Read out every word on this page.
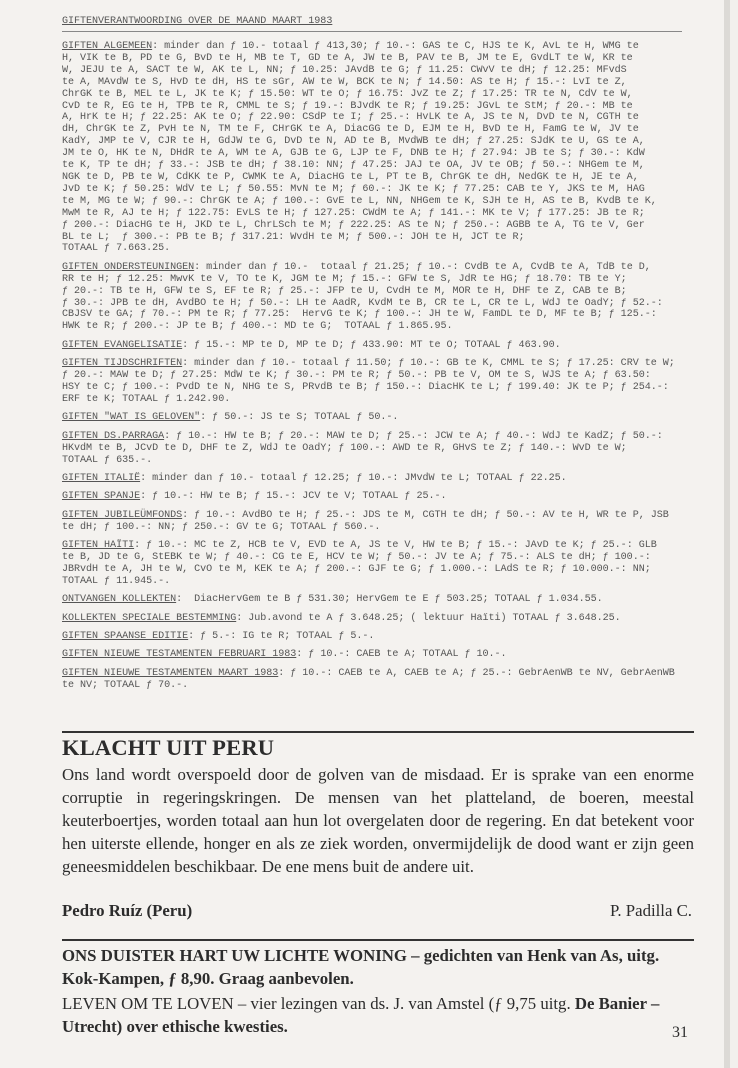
GIFTENVERANTWOORDING OVER DE MAAND MAART 1983
GIFTEN ALGEMEEN: minder dan ƒ 10.- totaal ƒ 413,30; ƒ 10.-: GAS te C, HJS te K, AvL te H, WMG te
H, VIK te B, PD te G, BvD te H, MB te T, GD te A, JW te B, PAV te B, JM te E, GvdLT te W, KR te
W, JEJU te A, SACT te W, AK te L, NN; ƒ 10.25: JAvdB te G; ƒ 11.25: CWvV te dH; ƒ 12.25: MFvdS
te A, MAvdW te S, HvD te dH, HS te sGr, AW te W, BCK te N; ƒ 14.50: AS te H; ƒ 15.-: LvI te Z,
ChrGK te B, MEL te L, JK te K; ƒ 15.50: WT te O; ƒ 16.75: JvZ te Z; ƒ 17.25: TR te N, CdV te W,
CvD te R, EG te H, TPB te R, CMML te S; ƒ 19.-: BJvdK te R; ƒ 19.25: JGvL te StM; ƒ 20.-: MB te
A, HrK te H; ƒ 22.25: AK te O; ƒ 22.90: CSdP te I; ƒ 25.-: HvLK te A, JS te N, DvD te N, CGTH te
dH, ChrGK te Z, PvH te N, TM te F, CHrGK te A, DiacGG te D, EJM te H, BvD te H, FamG te W, JV te
KadY, JMP te V, CJR te H, GdJW te G, DvD te N, AD te B, MvdWB te dH; ƒ 27.25: SJdK te U, GS te A,
JM te O, HK te N, DHdR te A, WM te A, GJB te G, LJP te F, DNB te H; ƒ 27.94: JB te S; ƒ 30.-: KdW
te K, TP te dH; ƒ 33.-: JSB te dH; ƒ 38.10: NN; ƒ 47.25: JAJ te OA, JV te OB; ƒ 50.-: NHGem te M,
NGK te D, PB te W, CdKK te P, CWMK te A, DiacHG te L, PT te B, ChrGK te dH, NedGK te H, JE te A,
JvD te K; ƒ 50.25: WdV te L; ƒ 50.55: MvN te M; ƒ 60.-: JK te K; ƒ 77.25: CAB te Y, JKS te M, HAG
te M, MG te W; ƒ 90.-: ChrGK te A; ƒ 100.-: GvE te L, NN, NHGem te K, SJH te H, AS te B, KvdB te K,
MwM te R, AJ te H; ƒ 122.75: EvLS te H; ƒ 127.25: CWdM te A; ƒ 141.-: MK te V; ƒ 177.25: JB te R;
ƒ 200.-: DiacHG te H, JKD te L, ChrLSch te M; ƒ 222.25: AS te N; ƒ 250.-: AGBB te A, TG te V, Ger
BL te L;  ƒ 300.-: PB te B; ƒ 317.21: WvdH te M; ƒ 500.-: JOH te H, JCT te R;
TOTAAL ƒ 7.663.25.
GIFTEN ONDERSTEUNINGEN: minder dan ƒ 10.-  totaal ƒ 21.25; ƒ 10.-: CvdB te A, CvdB te A, TdB te D,
RR te H; ƒ 12.25: MwvK te V, TO te K, JGM te M; ƒ 15.-: GFW te S, JdR te HG; ƒ 18.70: TB te Y;
ƒ 20.-: TB te H, GFW te S, EF te R; ƒ 25.-: JFP te U, CvdH te M, MOR te H, DHF te Z, CAB te B;
ƒ 30.-: JPB te dH, AvdBO te H; ƒ 50.-: LH te AadR, KvdM te B, CR te L, CR te L, WdJ te OadY; ƒ 52.-:
CBJSV te GA; ƒ 70.-: PM te R; ƒ 77.25:  HervG te K; ƒ 100.-: JH te W, FamDL te D, MF te B; ƒ 125.-:
HWK te R; ƒ 200.-: JP te B; ƒ 400.-: MD te G;  TOTAAL ƒ 1.865.95.
GIFTEN EVANGELISATIE: ƒ 15.-: MP te D, MP te D; ƒ 433.90: MT te O; TOTAAL ƒ 463.90.
GIFTEN TIJDSCHRIFTEN: minder dan ƒ 10.- totaal ƒ 11.50; ƒ 10.-: GB te K, CMML te S; ƒ 17.25: CRV te W;
ƒ 20.-: MAW te D; ƒ 27.25: MdW te K; ƒ 30.-: PM te R; ƒ 50.-: PB te V, OM te S, WJS te A; ƒ 63.50:
HSY te C; ƒ 100.-: PvdD te N, NHG te S, PRvdB te B; ƒ 150.-: DiacHK te L; ƒ 199.40: JK te P; ƒ 254.-:
ERF te K; TOTAAL ƒ 1.242.90.
GIFTEN "WAT IS GELOVEN": ƒ 50.-: JS te S; TOTAAL ƒ 50.-.
GIFTEN DS.PARRAGA: ƒ 10.-: HW te B; ƒ 20.-: MAW te D; ƒ 25.-: JCW te A; ƒ 40.-: WdJ te KadZ; ƒ 50.-:
HKvdM te B, JCvD te D, DHF te Z, WdJ te OadY; ƒ 100.-: AWD te R, GHvS te Z; ƒ 140.-: WvD te W;
TOTAAL ƒ 635.-.
GIFTEN ITALIË: minder dan ƒ 10.- totaal ƒ 12.25; ƒ 10.-: JMvdW te L; TOTAAL ƒ 22.25.
GIFTEN SPANJE: ƒ 10.-: HW te B; ƒ 15.-: JCV te V; TOTAAL ƒ 25.-.
GIFTEN JUBILEÜMFONDS: ƒ 10.-: AvdBO te H; ƒ 25.-: JDS te M, CGTH te dH; ƒ 50.-: AV te H, WR te P, JSB
te dH; ƒ 100.-: NN; ƒ 250.-: GV te G; TOTAAL ƒ 560.-.
GIFTEN HAÏTI: ƒ 10.-: MC te Z, HCB te V, EVD te A, JS te V, HW te B; ƒ 15.-: JAvD te K; ƒ 25.-: GLB
te B, JD te G, StEBK te W; ƒ 40.-: CG te E, HCV te W; ƒ 50.-: JV te A; ƒ 75.-: ALS te dH; ƒ 100.-:
JBRvdH te A, JH te W, CvO te M, KEK te A; ƒ 200.-: GJF te G; ƒ 1.000.-: LAdS te R; ƒ 10.000.-: NN;
TOTAAL ƒ 11.945.-.
ONTVANGEN KOLLEKTEN:  DiacHervGem te B ƒ 531.30; HervGem te E ƒ 503.25; TOTAAL ƒ 1.034.55.
KOLLEKTEN SPECIALE BESTEMMING: Jub.avond te A ƒ 3.648.25; ( lektuur Haïti) TOTAAL ƒ 3.648.25.
GIFTEN SPAANSE EDITIE: ƒ 5.-: IG te R; TOTAAL ƒ 5.-.
GIFTEN NIEUWE TESTAMENTEN FEBRUARI 1983: ƒ 10.-: CAEB te A; TOTAAL ƒ 10.-.
GIFTEN NIEUWE TESTAMENTEN MAART 1983: ƒ 10.-: CAEB te A, CAEB te A; ƒ 25.-: GebrAenWB te NV, GebrAenWB
te NV; TOTAAL ƒ 70.-.
KLACHT UIT PERU
Ons land wordt overspoeld door de golven van de misdaad. Er is sprake van een enorme corruptie in regeringskringen. De mensen van het platteland, de boeren, meestal keuterboertjes, worden totaal aan hun lot overgelaten door de regering. En dat betekent voor hen uiterste ellende, honger en als ze ziek worden, onvermijdelijk de dood want er zijn geen geneesmiddelen beschikbaar. De ene mens buit de andere uit.
Pedro Ruíz (Peru)	P. Padilla C.
ONS DUISTER HART UW LICHTE WONING – gedichten van Henk van As, uitg. Kok-Kampen, ƒ 8,90. Graag aanbevolen.
LEVEN OM TE LOVEN – vier lezingen van ds. J. van Amstel (ƒ 9,75 uitg. De Banier – Utrecht) over ethische kwesties.	31
